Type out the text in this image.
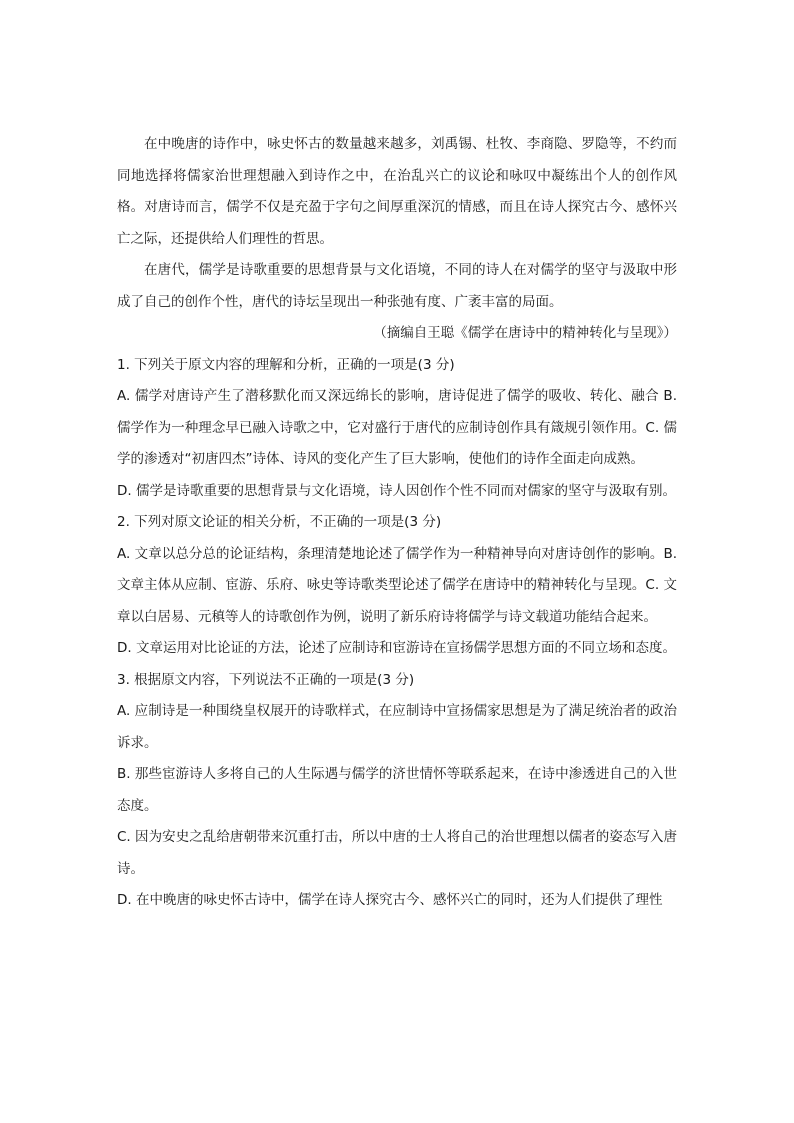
在中晚唐的诗作中，咏史怀古的数量越来越多，刘禹锡、杜牧、李商隐、罗隐等，不约而同地选择将儒家治世理想融入到诗作之中，在治乱兴亡的议论和咏叹中凝练出个人的创作风格。对唐诗而言，儒学不仅是充盈于字句之间厚重深沉的情感，而且在诗人探究古今、感怀兴亡之际，还提供给人们理性的哲思。

在唐代，儒学是诗歌重要的思想背景与文化语境，不同的诗人在对儒学的坚守与汲取中形成了自己的创作个性，唐代的诗坛呈现出一种张弛有度、广袤丰富的局面。

（摘编自王聪《儒学在唐诗中的精神转化与呈现》）

1. 下列关于原文内容的理解和分析，正确的一项是(3 分)

A. 儒学对唐诗产生了潜移默化而又深远绵长的影响，唐诗促进了儒学的吸收、转化、融合 B. 儒学作为一种理念早已融入诗歌之中，它对盛行于唐代的应制诗创作具有箴规引领作用。C. 儒学的渗透对“初唐四杰”诗体、诗风的变化产生了巨大影响，使他们的诗作全面走向成熟。

D. 儒学是诗歌重要的思想背景与文化语境，诗人因创作个性不同而对儒家的坚守与汲取有别。

2. 下列对原文论证的相关分析，不正确的一项是(3 分)

A. 文章以总分总的论证结构，条理清楚地论述了儒学作为一种精神导向对唐诗创作的影响。B. 文章主体从应制、宦游、乐府、咏史等诗歌类型论述了儒学在唐诗中的精神转化与呈现。C. 文章以白居易、元稹等人的诗歌创作为例，说明了新乐府诗将儒学与诗文载道功能结合起来。

D. 文章运用对比论证的方法，论述了应制诗和宦游诗在宣扬儒学思想方面的不同立场和态度。

3. 根据原文内容，下列说法不正确的一项是(3 分)

A. 应制诗是一种围绕皇权展开的诗歌样式，在应制诗中宣扬儒家思想是为了满足统治者的政治诉求。

B. 那些宦游诗人多将自己的人生际遇与儒学的济世情怀等联系起来，在诗中渗透进自己的入世态度。

C. 因为安史之乱给唐朝带来沉重打击，所以中唐的士人将自己的治世理想以儒者的姿态写入唐诗。

D. 在中晚唐的咏史怀古诗中，儒学在诗人探究古今、感怀兴亡的同时，还为人们提供了理性
